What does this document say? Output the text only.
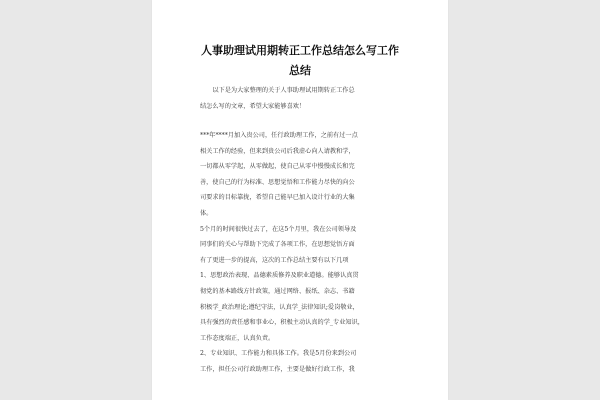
人事助理试用期转正工作总结怎么写工作
总结
　　以下是为大家整理的关于人事助理试用期转正工作总
结怎么写的文章，希望大家能够喜欢！
***年****月加入贵公司，任行政助理工作，之前有过一点
相关工作的经验，但来到贵公司后我虚心向人请教和学，
一切都从零学起，从零做起，使自己从零中慢慢成长和完
善，使自己的行为标准、思想觉悟和工作能力尽快的向公
司要求的目标靠拢，希望自己能早已加入设计行业的大集
体。
5个月的时间很快过去了，在这5个月里，我在公司领导及
同事们的关心与帮助下完成了各项工作，在思想觉悟方面
有了更进一步的提高，这次的工作总结主要有以下几项
1、思想政治表现、品德素质修养及职业道德。能够认真贯
彻党的基本路线方针政策，通过网络、报纸、杂志、书籍
积极学_政治理论;遵纪守法，认真学_法律知识;爱岗敬业，
具有强烈的责任感和事业心，积极主动认真的学_专业知识，
工作态度端正，认真负责。
2、专业知识、工作能力和具体工作。我是5月份来到公司
工作，担任公司行政助理工作，主要是做好行政工作，我
